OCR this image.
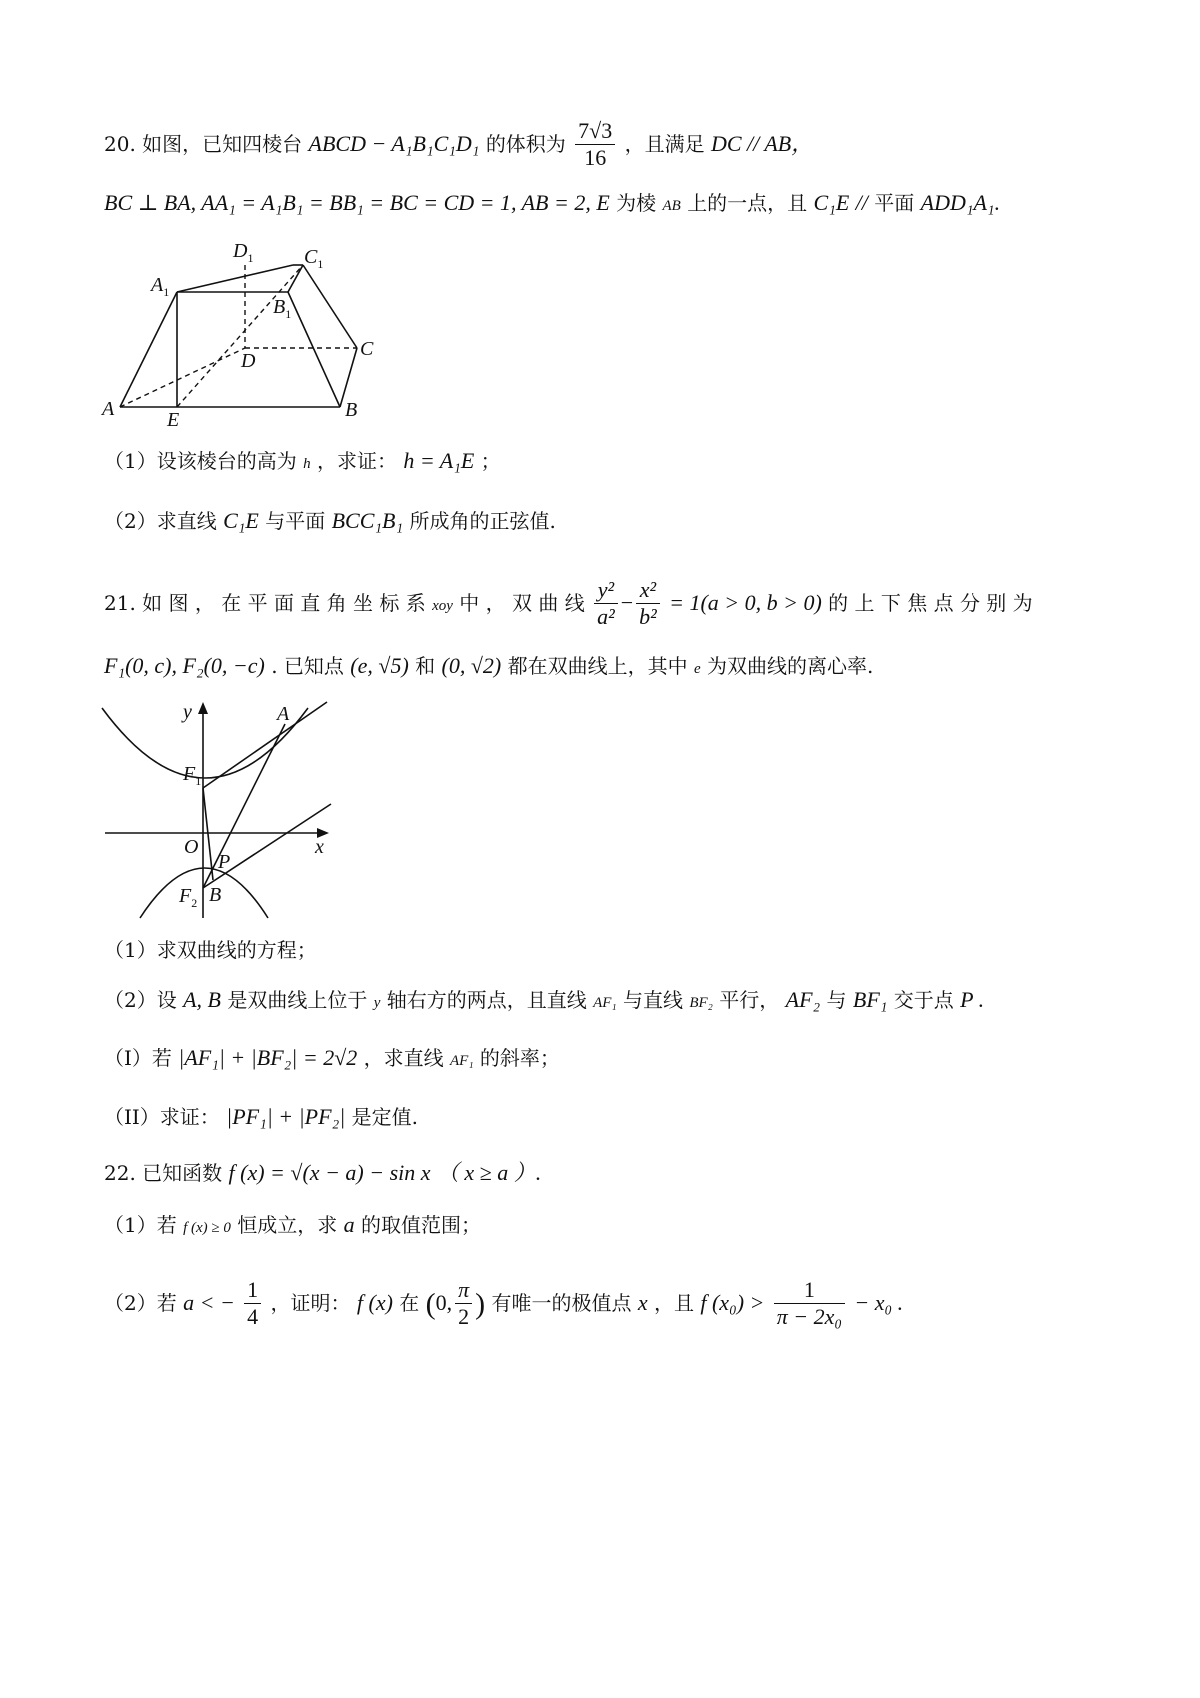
20. 如图，已知四棱台 ABCD − A₁B₁C₁D₁ 的体积为 $\frac{7√3}{16}$ ，且满足 DC // AB，
BC ⊥ BA, AA₁ = A₁B₁ = BB₁ = BC = CD = 1, AB = 2, E 为棱 AB 上的一点，且 C₁E // 平面 ADD₁A₁.
$D_1$	$C_1$
$A_1$
$B_1$
D
C
A	E	B
（1）设该棱台的高为 h ，求证： h = A₁E ；
（2）求直线 C₁E 与平面 BCC₁B₁ 所成角的正弦值.
21. 如 图 ， 在 平 面 直 角 坐 标 系 xoy 中 ， 双 曲 线 $\frac{\text{y²}}{\text{a²}} - \frac{\text{x²}}{\text{b²}} = 1(a > 0$, b > 0) 的 上 下 焦 点 分 别 为
F₁(0, c), F₂(0, −c) . 已知点 (e, √5) 和 (0, √2) 都在双曲线上，其中 e 为双曲线的离心率.
y
x
O
A
$F_1$
$F_2$
P
B
（1）求双曲线的方程；
（2）设 A, B 是双曲线上位于 y 轴右方的两点，且直线 AF₁ 与直线 BF₂ 平行， AF₂ 与 BF₁ 交于点 P .
（I）若 |AF₁| + |BF₂| = 2√2 ，求直线 AF₁ 的斜率；
（II）求证： |PF₁| + |PF₂| 是定值.
22. 已知函数 f (x) = √(x − a) − sin x （ x ≥ a ）.
（1）若 f (x) ≥ 0 恒成立，求 a 的取值范围；
（2）若 a < − $\frac{1}{4}$ ，证明： f (x) 在 (0, $\frac{\pi}{2}$ ) 有唯一的极值点 x ，且 f $(x_0) > \frac{1}{\text{π − 2x₀}} - x_0$ .
